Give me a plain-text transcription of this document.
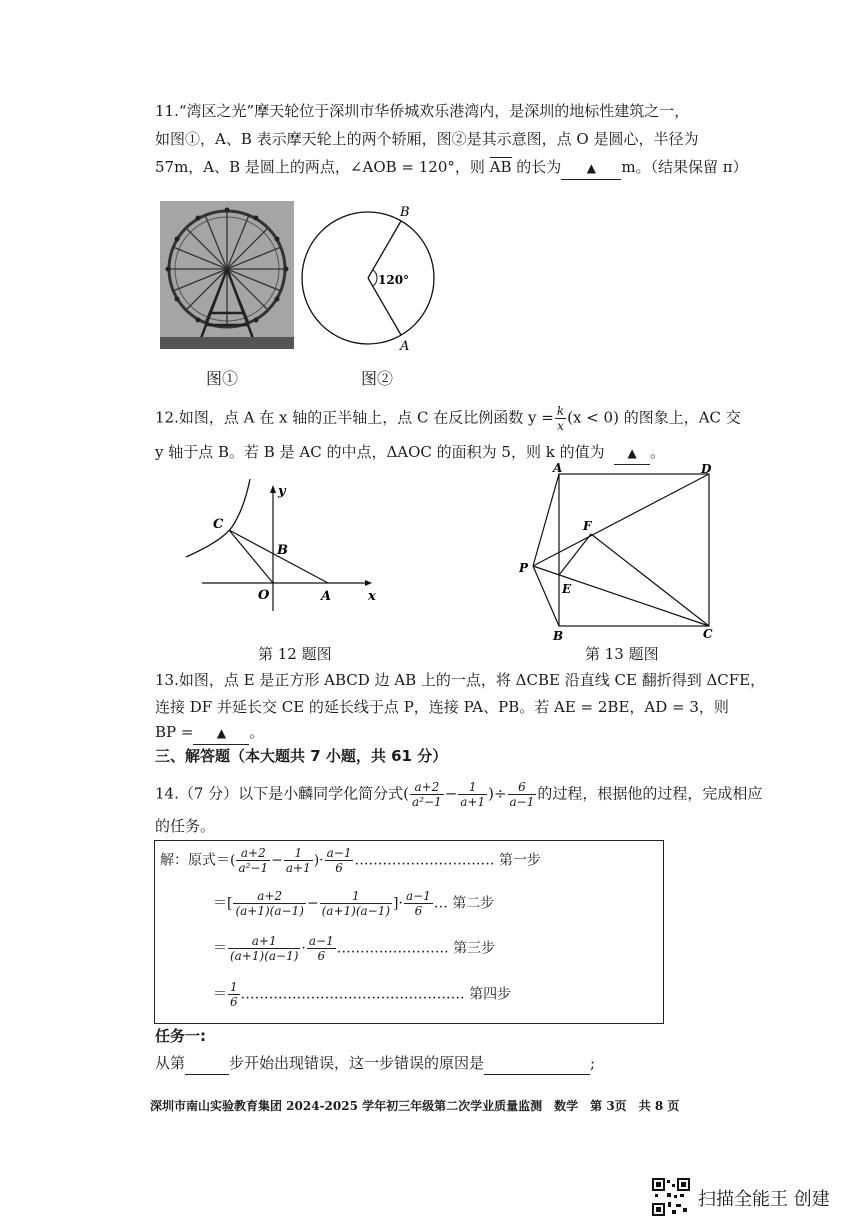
11.“湾区之光”摩天轮位于深圳市华侨城欢乐港湾内，是深圳的地标性建筑之一，
如图①，A、B 表示摩天轮上的两个轿厢，图②是其示意图，点 O 是圆心，半径为
57m，A、B 是圆上的两点，∠AOB = 120°，则 AB 的长为 ▲ m。（结果保留 π）
图①
120°
B
A
图②
12.如图，点 A 在 x 轴的正半轴上，点 C 在反比例函数 $y = \frac{k}{x} (x < 0)$ 的图象上，AC 交
y 轴于点 B。若 B 是 AC 的中点，ΔAOC 的面积为 5，则 k 的值为 ▲ 。
C
B
O	A	x
y
第 12 题图
A	D
F
P
E
B	C
第 13 题图
13.如图，点 E 是正方形 ABCD 边 AB 上的一点，将 ΔCBE 沿直线 CE 翻折得到 ΔCFE，
连接 DF 并延长交 CE 的延长线于点 P，连接 PA、PB。若 AE = 2BE，AD = 3，则
BP = ▲ 。
三、解答题（本大题共 7 小题，共 61 分）
14.（7 分）以下是小麟同学化简分式( $\frac{a+2}{\text{a²−1}} - \frac{1}{a+1}$ )÷ $\frac{6}{a-1}$ 的过程，根据他的过程，完成相应
的任务。
解：原式＝( $\frac{a+2}{\text{a²−1}} - \frac{1}{a+1}$ )· $\frac{a-1}{6}$ ………………………… 第一步
＝[ $\frac{a+2}{(a+1)(a-1)} - \frac{1}{(a+1)(a-1)}$ ]· $\frac{a-1}{6}$ … 第二步
＝ $\frac{a+1}{(a+1)(a-1)} \cdot \frac{a-1}{6}$ …………………… 第三步
＝ $\frac{1}{6}$ ………………………………………… 第四步
任务一:
从第	步开始出现错误，这一步错误的原因是	;
深圳市南山实验教育集团 2024-2025 学年初三年级第二次学业质量监测　数学　第 3页　共 8 页
扫描全能王 创建
